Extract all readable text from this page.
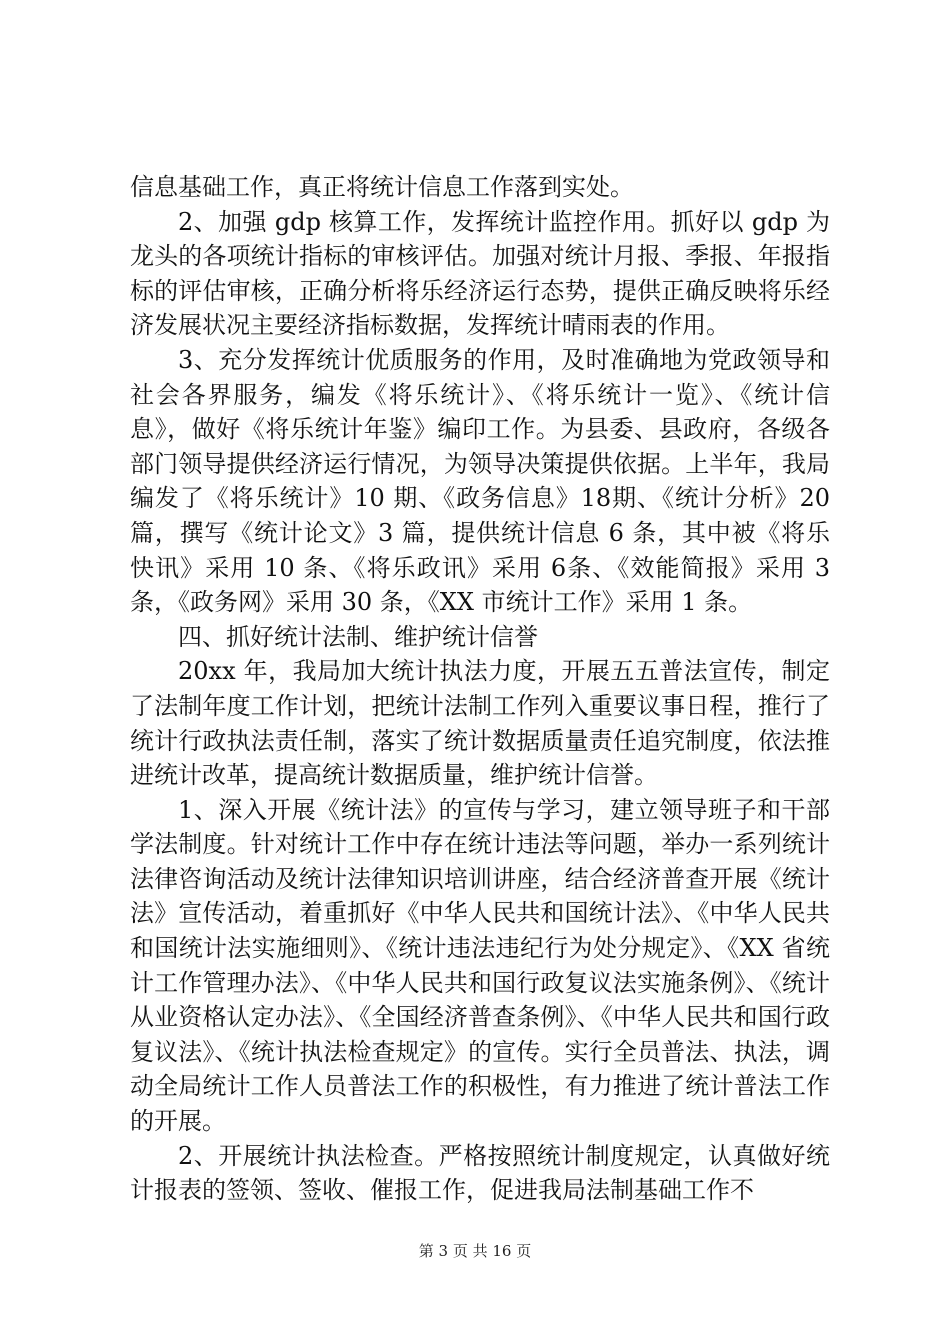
信息基础工作，真正将统计信息工作落到实处。

2、加强 gdp 核算工作，发挥统计监控作用。抓好以 gdp 为龙头的各项统计指标的审核评估。加强对统计月报、季报、年报指标的评估审核，正确分析将乐经济运行态势，提供正确反映将乐经济发展状况主要经济指标数据，发挥统计晴雨表的作用。

3、充分发挥统计优质服务的作用，及时准确地为党政领导和社会各界服务，编发《将乐统计》、《将乐统计一览》、《统计信息》，做好《将乐统计年鉴》编印工作。为县委、县政府，各级各部门领导提供经济运行情况，为领导决策提供依据。上半年，我局编发了《将乐统计》10 期、《政务信息》18期、《统计分析》20 篇，撰写《统计论文》3 篇，提供统计信息 6 条，其中被《将乐快讯》采用 10 条、《将乐政讯》采用 6条、《效能简报》采用 3 条，《政务网》采用 30 条，《XX 市统计工作》采用 1 条。

四、抓好统计法制、维护统计信誉

20xx 年，我局加大统计执法力度，开展五五普法宣传，制定了法制年度工作计划，把统计法制工作列入重要议事日程，推行了统计行政执法责任制，落实了统计数据质量责任追究制度，依法推进统计改革，提高统计数据质量，维护统计信誉。

1、深入开展《统计法》的宣传与学习，建立领导班子和干部学法制度。针对统计工作中存在统计违法等问题，举办一系列统计法律咨询活动及统计法律知识培训讲座，结合经济普查开展《统计法》宣传活动，着重抓好《中华人民共和国统计法》、《中华人民共和国统计法实施细则》、《统计违法违纪行为处分规定》、《XX 省统计工作管理办法》、《中华人民共和国行政复议法实施条例》、《统计从业资格认定办法》、《全国经济普查条例》、《中华人民共和国行政复议法》、《统计执法检查规定》的宣传。实行全员普法、执法，调动全局统计工作人员普法工作的积极性，有力推进了统计普法工作的开展。

2、开展统计执法检查。严格按照统计制度规定，认真做好统计报表的签领、签收、催报工作，促进我局法制基础工作不

第 3 页 共 16 页
